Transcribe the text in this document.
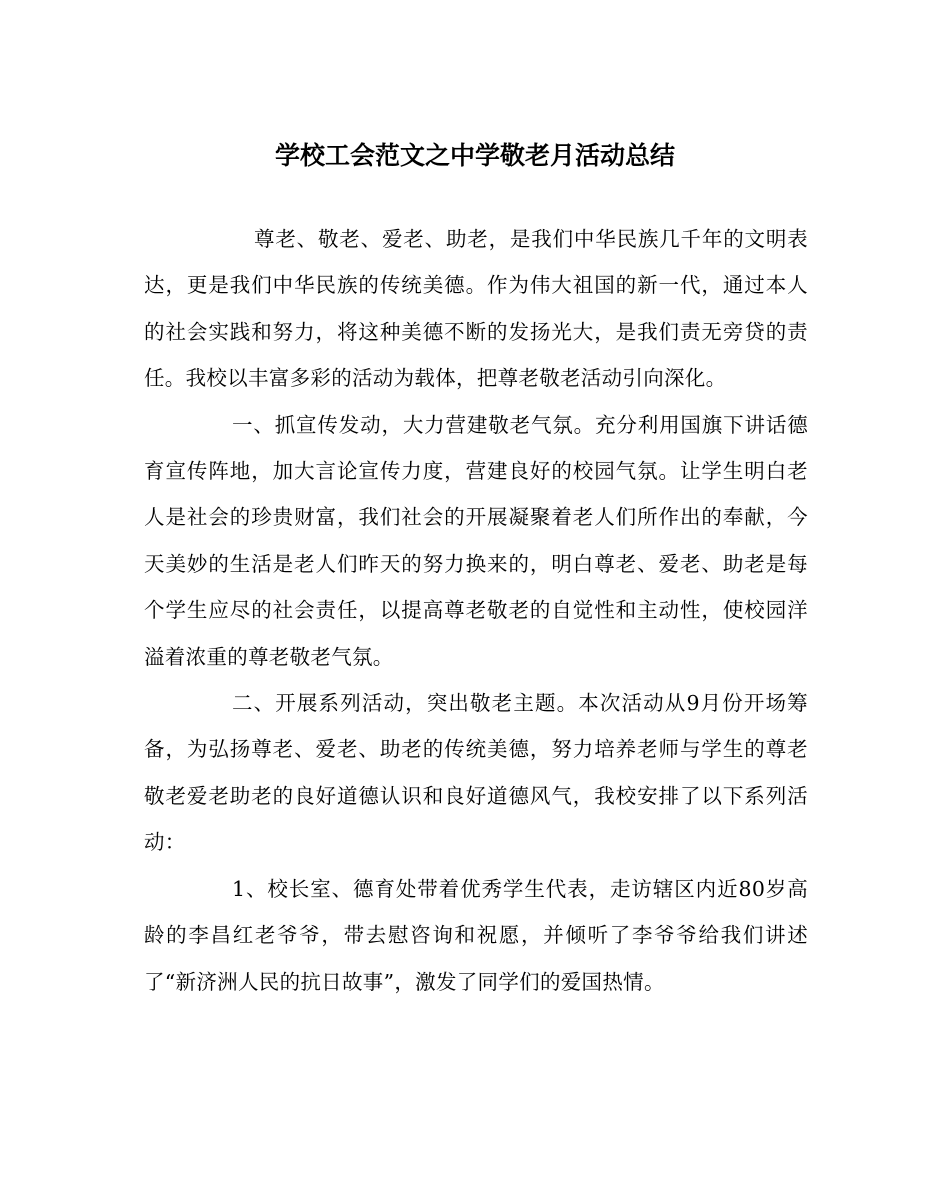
学校工会范文之中学敬老月活动总结

尊老、敬老、爱老、助老，是我们中华民族几千年的文明表达，更是我们中华民族的传统美德。作为伟大祖国的新一代，通过本人的社会实践和努力，将这种美德不断的发扬光大，是我们责无旁贷的责任。我校以丰富多彩的活动为载体，把尊老敬老活动引向深化。

一、抓宣传发动，大力营建敬老气氛。充分利用国旗下讲话德育宣传阵地，加大言论宣传力度，营建良好的校园气氛。让学生明白老人是社会的珍贵财富，我们社会的开展凝聚着老人们所作出的奉献，今天美妙的生活是老人们昨天的努力换来的，明白尊老、爱老、助老是每个学生应尽的社会责任，以提高尊老敬老的自觉性和主动性，使校园洋溢着浓重的尊老敬老气氛。

二、开展系列活动，突出敬老主题。本次活动从9月份开场筹备，为弘扬尊老、爱老、助老的传统美德，努力培养老师与学生的尊老敬老爱老助老的良好道德认识和良好道德风气，我校安排了以下系列活动：

1、校长室、德育处带着优秀学生代表，走访辖区内近80岁高龄的李昌红老爷爷，带去慰咨询和祝愿，并倾听了李爷爷给我们讲述了“新济洲人民的抗日故事”，激发了同学们的爱国热情。
